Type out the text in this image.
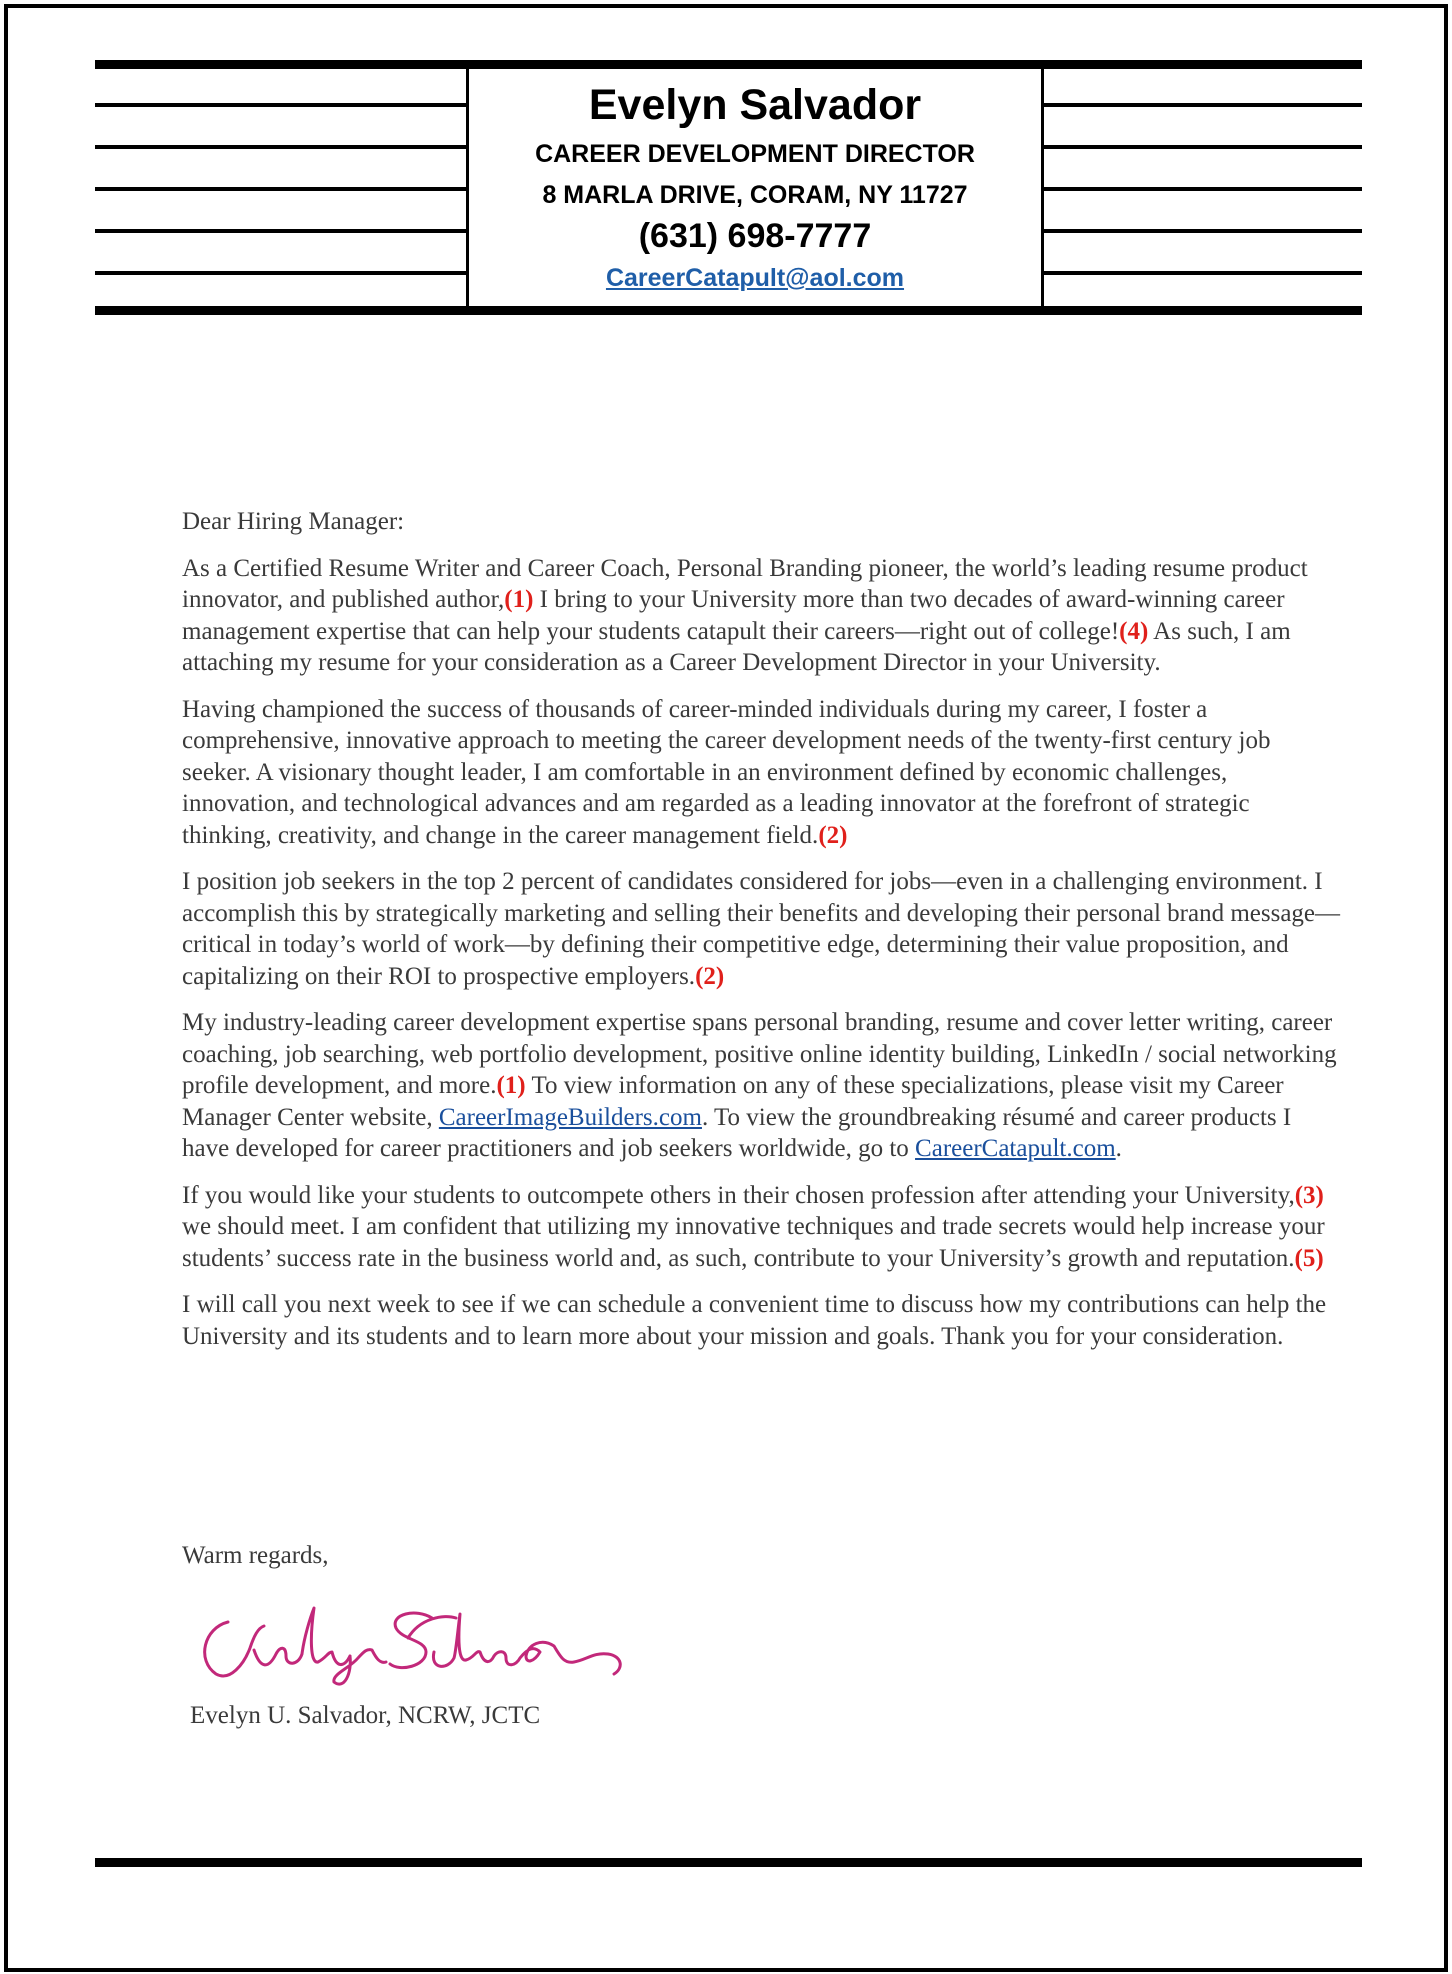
Evelyn Salvador
CAREER DEVELOPMENT DIRECTOR
8 MARLA DRIVE, CORAM, NY 11727
(631) 698-7777
CareerCatapult@aol.com

Dear Hiring Manager:

As a Certified Resume Writer and Career Coach, Personal Branding pioneer, the world’s leading resume product innovator, and published author,(1) I bring to your University more than two decades of award-winning career management expertise that can help your students catapult their careers—right out of college!(4) As such, I am attaching my resume for your consideration as a Career Development Director in your University.

Having championed the success of thousands of career-minded individuals during my career, I foster a comprehensive, innovative approach to meeting the career development needs of the twenty-first century job seeker. A visionary thought leader, I am comfortable in an environment defined by economic challenges, innovation, and technological advances and am regarded as a leading innovator at the forefront of strategic thinking, creativity, and change in the career management field.(2)

I position job seekers in the top 2 percent of candidates considered for jobs—even in a challenging environment. I accomplish this by strategically marketing and selling their benefits and developing their personal brand message—critical in today’s world of work—by defining their competitive edge, determining their value proposition, and capitalizing on their ROI to prospective employers.(2)

My industry-leading career development expertise spans personal branding, resume and cover letter writing, career coaching, job searching, web portfolio development, positive online identity building, LinkedIn / social networking profile development, and more.(1) To view information on any of these specializations, please visit my Career Manager Center website, CareerImageBuilders.com. To view the groundbreaking résumé and career products I have developed for career practitioners and job seekers worldwide, go to CareerCatapult.com.

If you would like your students to outcompete others in their chosen profession after attending your University,(3) we should meet. I am confident that utilizing my innovative techniques and trade secrets would help increase your students’ success rate in the business world and, as such, contribute to your University’s growth and reputation.(5)

I will call you next week to see if we can schedule a convenient time to discuss how my contributions can help the University and its students and to learn more about your mission and goals. Thank you for your consideration.

Warm regards,
Evelyn U. Salvador, NCRW, JCTC
